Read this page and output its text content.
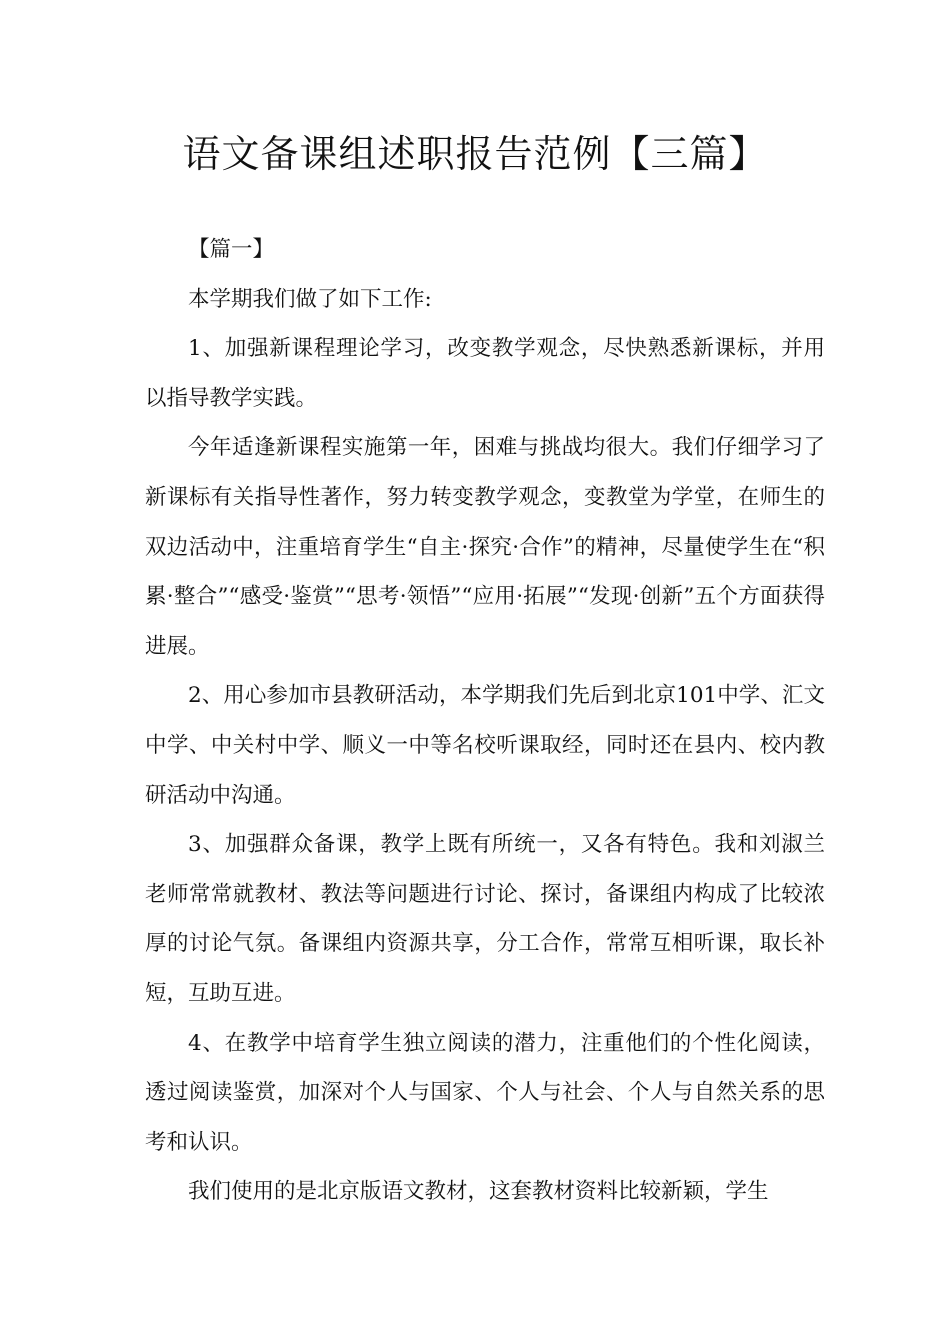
语文备课组述职报告范例【三篇】

【篇一】

本学期我们做了如下工作:

1、加强新课程理论学习，改变教学观念，尽快熟悉新课标，并用以指导教学实践。

今年适逢新课程实施第一年，困难与挑战均很大。我们仔细学习了新课标有关指导性著作，努力转变教学观念，变教堂为学堂，在师生的双边活动中，注重培育学生“自主·探究·合作”的精神，尽量使学生在“积累·整合”“感受·鉴赏”“思考·领悟”“应用·拓展”“发现·创新”五个方面获得进展。

2、用心参加市县教研活动，本学期我们先后到北京101中学、汇文中学、中关村中学、顺义一中等名校听课取经，同时还在县内、校内教研活动中沟通。

3、加强群众备课，教学上既有所统一，又各有特色。我和刘淑兰老师常常就教材、教法等问题进行讨论、探讨，备课组内构成了比较浓厚的讨论气氛。备课组内资源共享，分工合作，常常互相听课，取长补短，互助互进。

4、在教学中培育学生独立阅读的潜力，注重他们的个性化阅读，透过阅读鉴赏，加深对个人与国家、个人与社会、个人与自然关系的思考和认识。

我们使用的是北京版语文教材，这套教材资料比较新颖，学生
